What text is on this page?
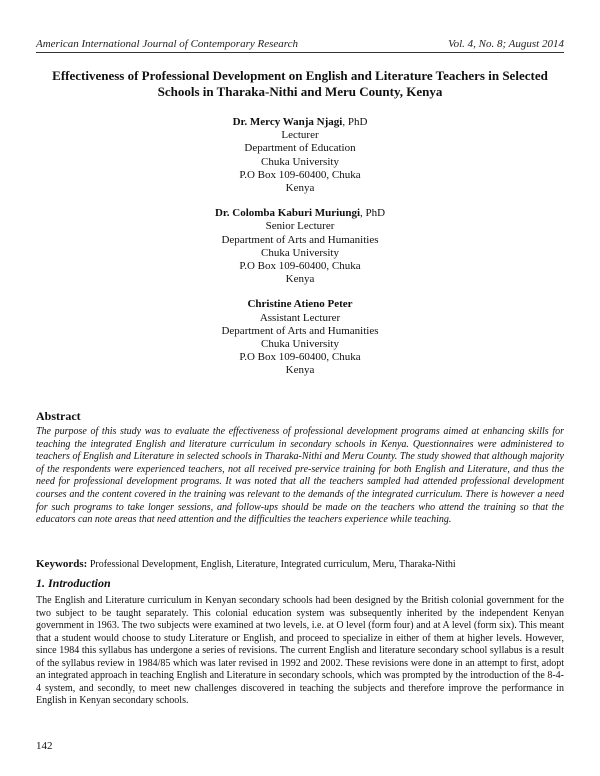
American International Journal of Contemporary Research	Vol. 4, No. 8; August 2014
Effectiveness of Professional Development on English and Literature Teachers in Selected Schools in Tharaka-Nithi and Meru County, Kenya
Dr. Mercy Wanja Njagi, PhD
Lecturer
Department of Education
Chuka University
P.O Box 109-60400, Chuka
Kenya
Dr. Colomba Kaburi Muriungi, PhD
Senior Lecturer
Department of Arts and Humanities
Chuka University
P.O Box 109-60400, Chuka
Kenya
Christine Atieno Peter
Assistant Lecturer
Department of Arts and Humanities
Chuka University
P.O Box 109-60400, Chuka
Kenya
Abstract
The purpose of this study was to evaluate the effectiveness of professional development programs aimed at enhancing skills for teaching the integrated English and literature curriculum in secondary schools in Kenya. Questionnaires were administered to teachers of English and Literature in selected schools in Tharaka-Nithi and Meru County. The study showed that although majority of the respondents were experienced teachers, not all received pre-service training for both English and Literature, and thus the need for professional development programs. It was noted that all the teachers sampled had attended professional development courses and the content covered in the training was relevant to the demands of the integrated curriculum. There is however a need for such programs to take longer sessions, and follow-ups should be made on the teachers who attend the training so that the educators can note areas that need attention and the difficulties the teachers experience while teaching.
Keywords: Professional Development, English, Literature, Integrated curriculum, Meru, Tharaka-Nithi
1. Introduction
The English and Literature curriculum in Kenyan secondary schools had been designed by the British colonial government for the two subject to be taught separately. This colonial education system was subsequently inherited by the independent Kenyan government in 1963. The two subjects were examined at two levels, i.e. at O level (form four) and at A level (form six). This meant that a student would choose to study Literature or English, and proceed to specialize in either of them at higher levels. However, since 1984 this syllabus has undergone a series of revisions. The current English and literature secondary school syllabus is a result of the syllabus review in 1984/85 which was later revised in 1992 and 2002. These revisions were done in an attempt to first, adopt an integrated approach in teaching English and Literature in secondary schools, which was prompted by the introduction of the 8-4-4 system, and secondly, to meet new challenges discovered in teaching the subjects and therefore improve the performance in English in Kenyan secondary schools.
142
